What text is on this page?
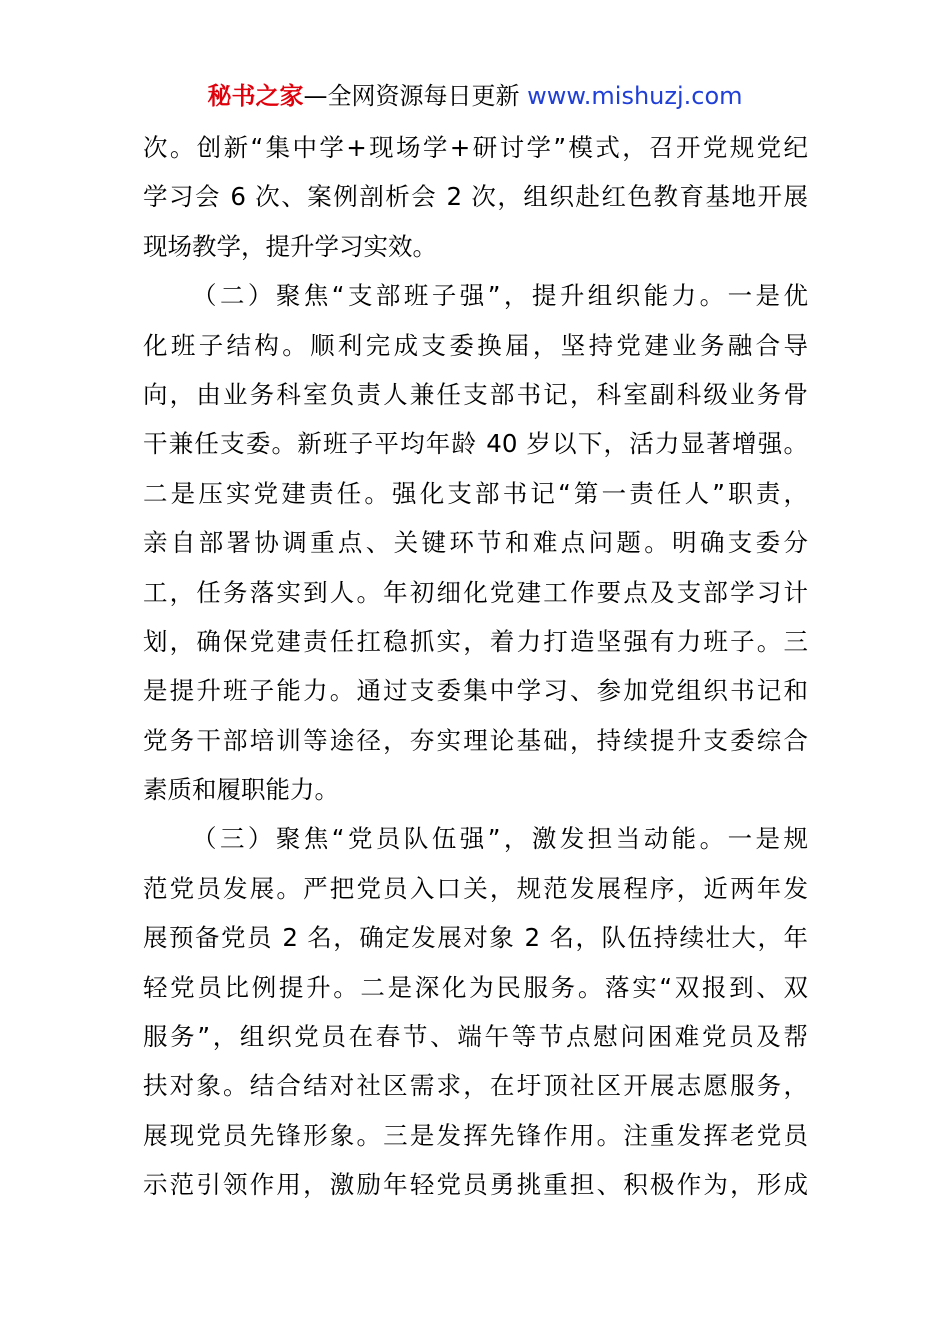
秘书之家—全网资源每日更新 www.mishuzj.com
次。创新“集中学+现场学+研讨学”模式，召开党规党纪
学习会 6 次、案例剖析会 2 次，组织赴红色教育基地开展
现场教学，提升学习实效。
（二）聚焦“支部班子强”，提升组织能力。一是优
化班子结构。顺利完成支委换届，坚持党建业务融合导
向，由业务科室负责人兼任支部书记，科室副科级业务骨
干兼任支委。新班子平均年龄 40 岁以下，活力显著增强。
二是压实党建责任。强化支部书记“第一责任人”职责，
亲自部署协调重点、关键环节和难点问题。明确支委分
工，任务落实到人。年初细化党建工作要点及支部学习计
划，确保党建责任扛稳抓实，着力打造坚强有力班子。三
是提升班子能力。通过支委集中学习、参加党组织书记和
党务干部培训等途径，夯实理论基础，持续提升支委综合
素质和履职能力。
（三）聚焦“党员队伍强”，激发担当动能。一是规
范党员发展。严把党员入口关，规范发展程序，近两年发
展预备党员 2 名，确定发展对象 2 名，队伍持续壮大，年
轻党员比例提升。二是深化为民服务。落实“双报到、双
服务”，组织党员在春节、端午等节点慰问困难党员及帮
扶对象。结合结对社区需求，在圩顶社区开展志愿服务，
展现党员先锋形象。三是发挥先锋作用。注重发挥老党员
示范引领作用，激励年轻党员勇挑重担、积极作为，形成
